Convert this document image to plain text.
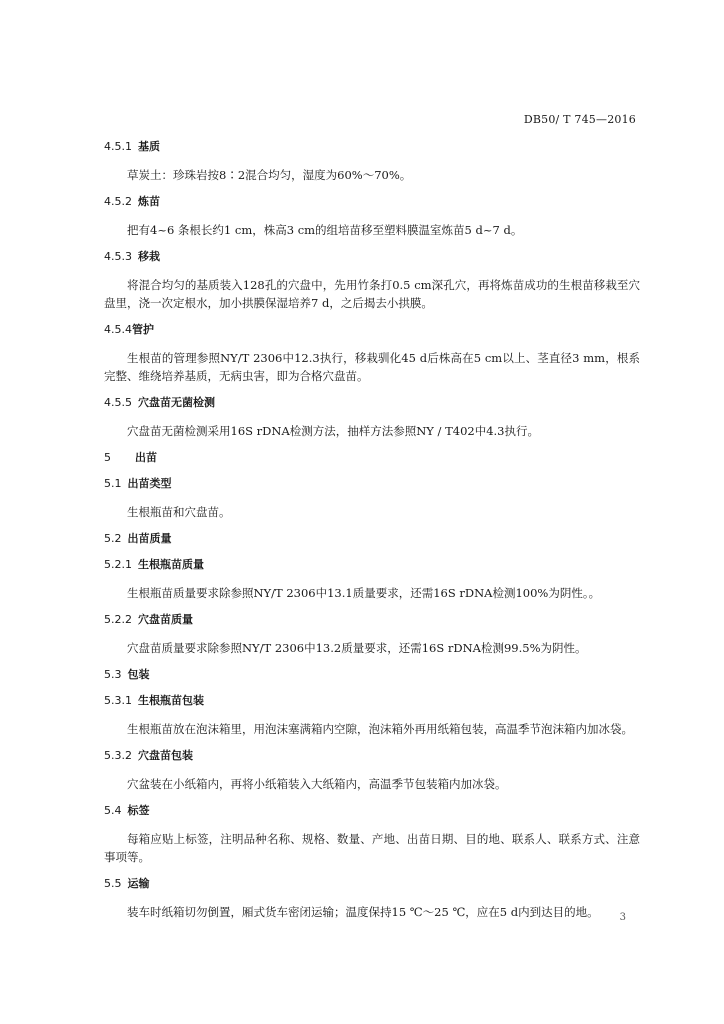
DB50/ T 745—2016
4.5.1 基质

草炭土：珍珠岩按8∶2混合均匀，湿度为60%～70%。

4.5.2 炼苗

把有4~6 条根长约1 cm，株高3 cm的组培苗移至塑料膜温室炼苗5 d~7 d。

4.5.3 移栽

将混合均匀的基质装入128孔的穴盘中，先用竹条打0.5 cm深孔穴，再将炼苗成功的生根苗移栽至穴盘里，浇一次定根水，加小拱膜保湿培养7 d，之后揭去小拱膜。

4.5.4管护

生根苗的管理参照NY/T 2306中12.3执行，移栽驯化45 d后株高在5 cm以上、茎直径3 mm，根系完整、维绕培养基质，无病虫害，即为合格穴盘苗。

4.5.5 穴盘苗无菌检测

穴盘苗无菌检测采用16S rDNA检测方法，抽样方法参照NY / T402中4.3执行。

5 出苗
5.1 出苗类型

生根瓶苗和穴盘苗。

5.2 出苗质量
5.2.1 生根瓶苗质量

生根瓶苗质量要求除参照NY/T 2306中13.1质量要求，还需16S rDNA检测100%为阴性。。

5.2.2 穴盘苗质量

穴盘苗质量要求除参照NY/T 2306中13.2质量要求，还需16S rDNA检测99.5%为阴性。

5.3 包装
5.3.1 生根瓶苗包装

生根瓶苗放在泡沫箱里，用泡沫塞满箱内空隙，泡沫箱外再用纸箱包装，高温季节泡沫箱内加冰袋。

5.3.2 穴盘苗包装

穴盆装在小纸箱内，再将小纸箱装入大纸箱内，高温季节包装箱内加冰袋。

5.4 标签

每箱应贴上标签，注明品种名称、规格、数量、产地、出苗日期、目的地、联系人、联系方式、注意事项等。

5.5 运输

装车时纸箱切勿倒置，厢式货车密闭运输；温度保持15 ℃～25 ℃，应在5 d内到达目的地。	3
